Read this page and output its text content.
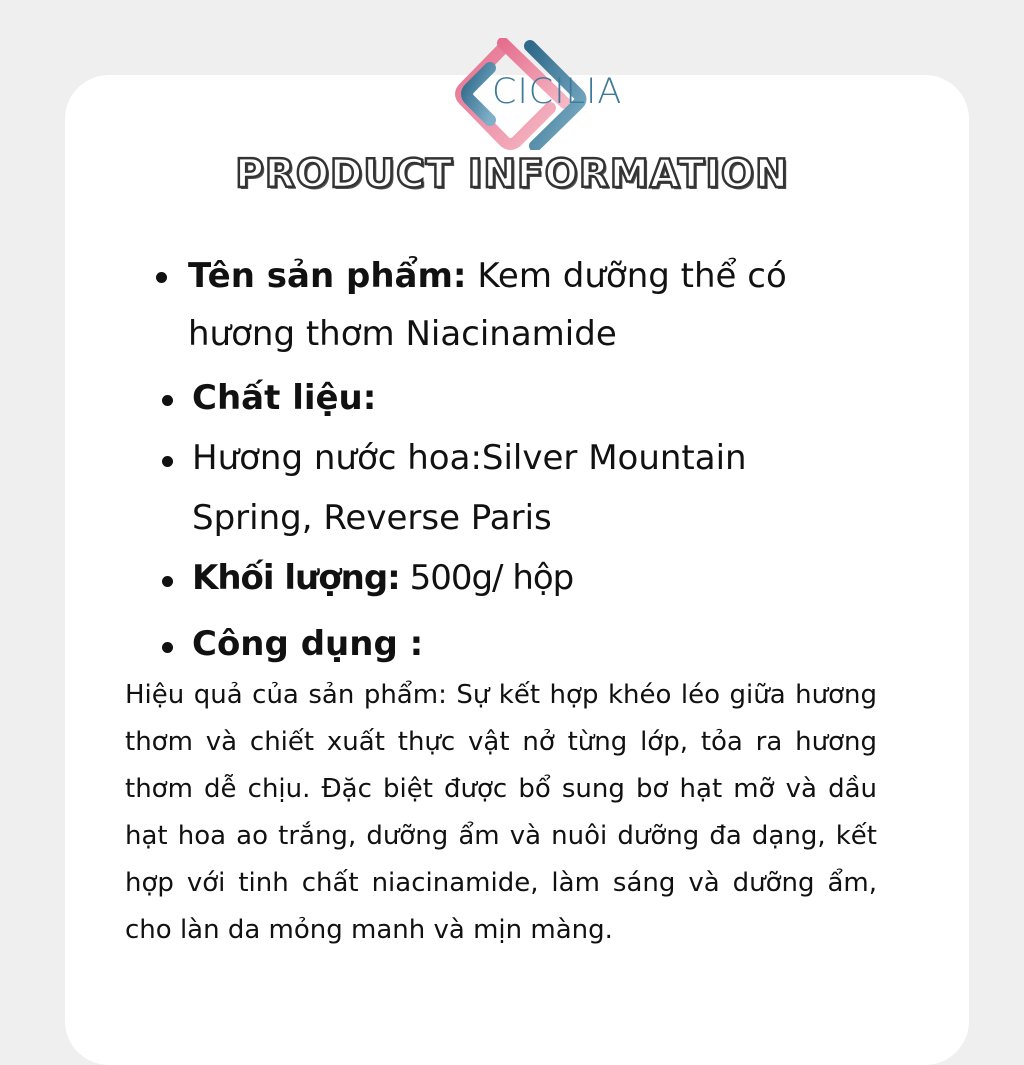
CICILIA
PRODUCT INFORMATION
Tên sản phẩm: Kem dưỡng thể có
hương thơm Niacinamide
Chất liệu:
Hương nước hoa:Silver Mountain
Spring, Reverse Paris
Khối lượng: 500g/ hộp
Công dụng :
Hiệu quả của sản phẩm: Sự kết hợp khéo léo giữa hương thơm và chiết xuất thực vật nở từng lớp, tỏa ra hương thơm dễ chịu. Đặc biệt được bổ sung bơ hạt mỡ và dầu hạt hoa ao trắng, dưỡng ẩm và nuôi dưỡng đa dạng, kết hợp với tinh chất niacinamide, làm sáng và dưỡng ẩm, cho làn da mỏng manh và mịn màng.
